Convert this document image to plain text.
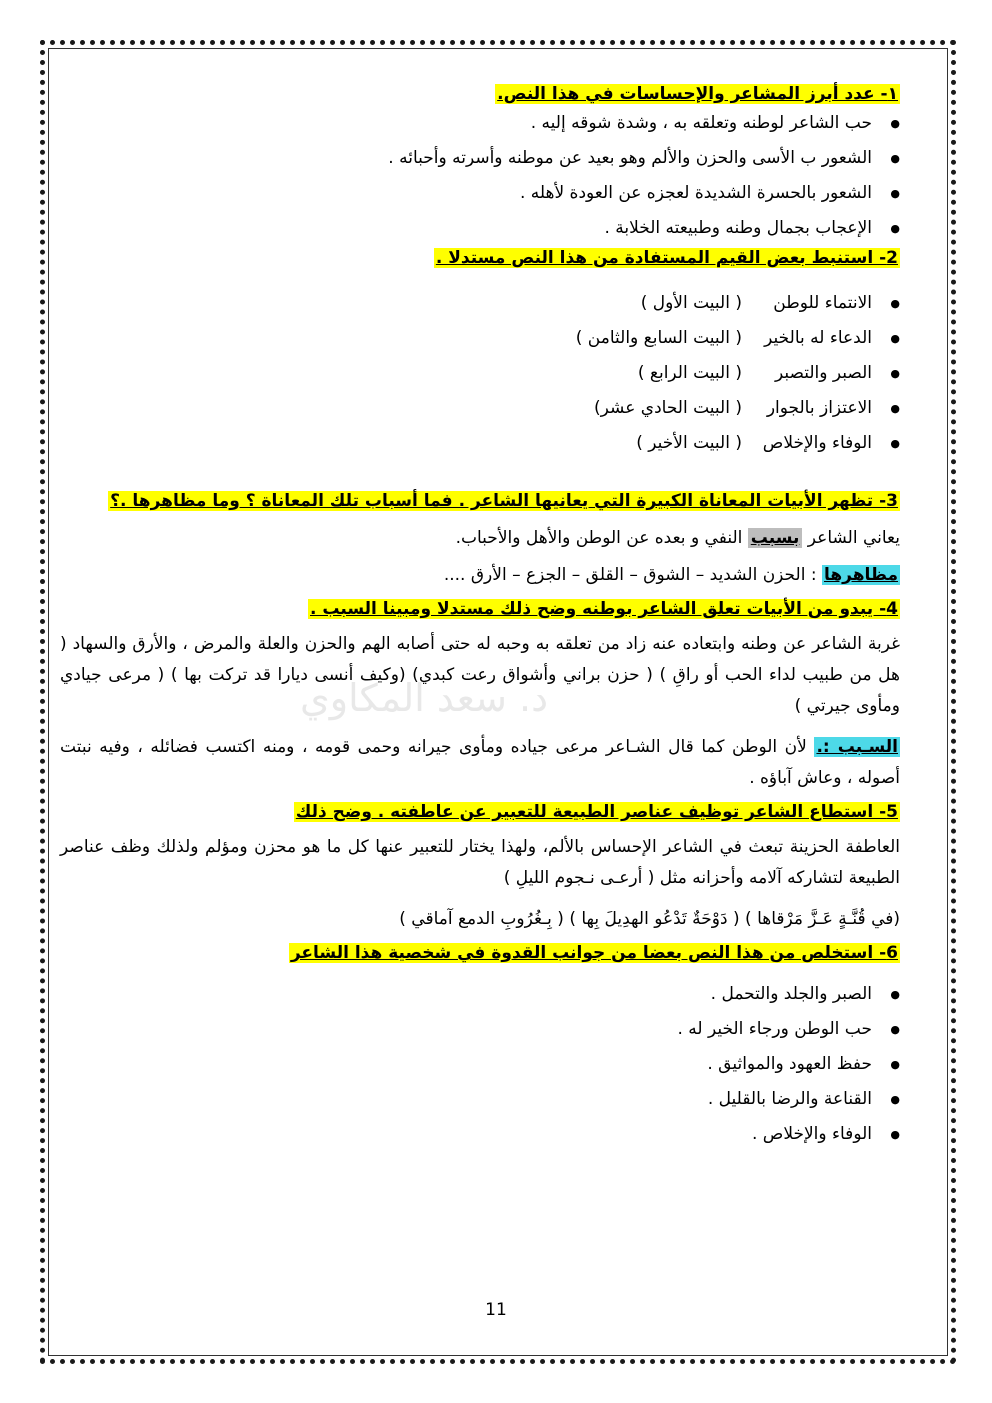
د. سعد المكاوي

١- عدد أبرز المشاعر والإحساسات في هذا النص.

● حب الشاعر لوطنه وتعلقه به ، وشدة شوقه إليه .
● الشعور ب الأسى والحزن والألم وهو بعيد عن موطنه وأسرته وأحبائه .
● الشعور بالحسرة الشديدة لعجزه عن العودة لأهله .
● الإعجاب بجمال وطنه وطبيعته الخلابة .

2- استنبط بعض القيم المستفادة من هذا النص مستدلا .

● الانتماء للوطن
( البيت الأول )
● الدعاء له بالخير
( البيت السابع والثامن )
● الصبر والتصبر
( البيت الرابع )
● الاعتزاز بالجوار
( البيت الحادي عشر)
● الوفاء والإخلاص
( البيت الأخير )

3- تظهر الأبيات المعاناة الكبيرة التي يعانيها الشاعر . فما أسباب تلك المعاناة ؟ وما مظاهرها .؟

يعاني الشاعر بسبب النفي و بعده عن الوطن والأهل والأحباب.

مظاهرها : الحزن الشديد – الشوق – القلق – الجزع – الأرق ....

4- يبدو من الأبيات تعلق الشاعر بوطنه وضح ذلك مستدلا ومبينا السبب .

غربة الشاعر عن وطنه وابتعاده عنه زاد من تعلقه به وحبه له حتى أصابه الهم والحزن والعلة والمرض ، والأرق والسهاد ( هل من طبيب لداء الحب أو راقِ ) ( حزن براني وأشواق رعت كبدي) (وكيف أنسى ديارا قد تركت بها ) ( مرعى جيادي ومأوى جيرتي )

السـبب :. لأن الوطن كما قال الشـاعر مرعى جياده ومأوى جيرانه وحمى قومه ، ومنه اكتسب فضائله ، وفيه نبتت أصوله ، وعاش آباؤه .

5- استطاع الشاعر توظيف عناصر الطبيعة للتعبير عن عاطفته . وضح ذلك

العاطفة الحزينة تبعث في الشاعر الإحساس بالألم، ولهذا يختار للتعبير عنها كل ما هو محزن ومؤلم ولذلك وظف عناصر الطبيعة لتشاركه آلامه وأحزانه مثل ( أرعـى نـجوم الليلِ )

(في قُنَّـةٍ عَـزَّ مَرْقاها ) ( دَوْحَةٌ تَدْعُو الهدِيلَ بِها ) ( بِـغُرُوبِ الدمع آماقي )

6- استخلص من هذا النص بعضا من جوانب القدوة في شخصية هذا الشاعر

● الصبر والجلد والتحمل .
● حب الوطن ورجاء الخير له .
● حفظ العهود والمواثيق .
● القناعة والرضا بالقليل .
● الوفاء والإخلاص .
11
